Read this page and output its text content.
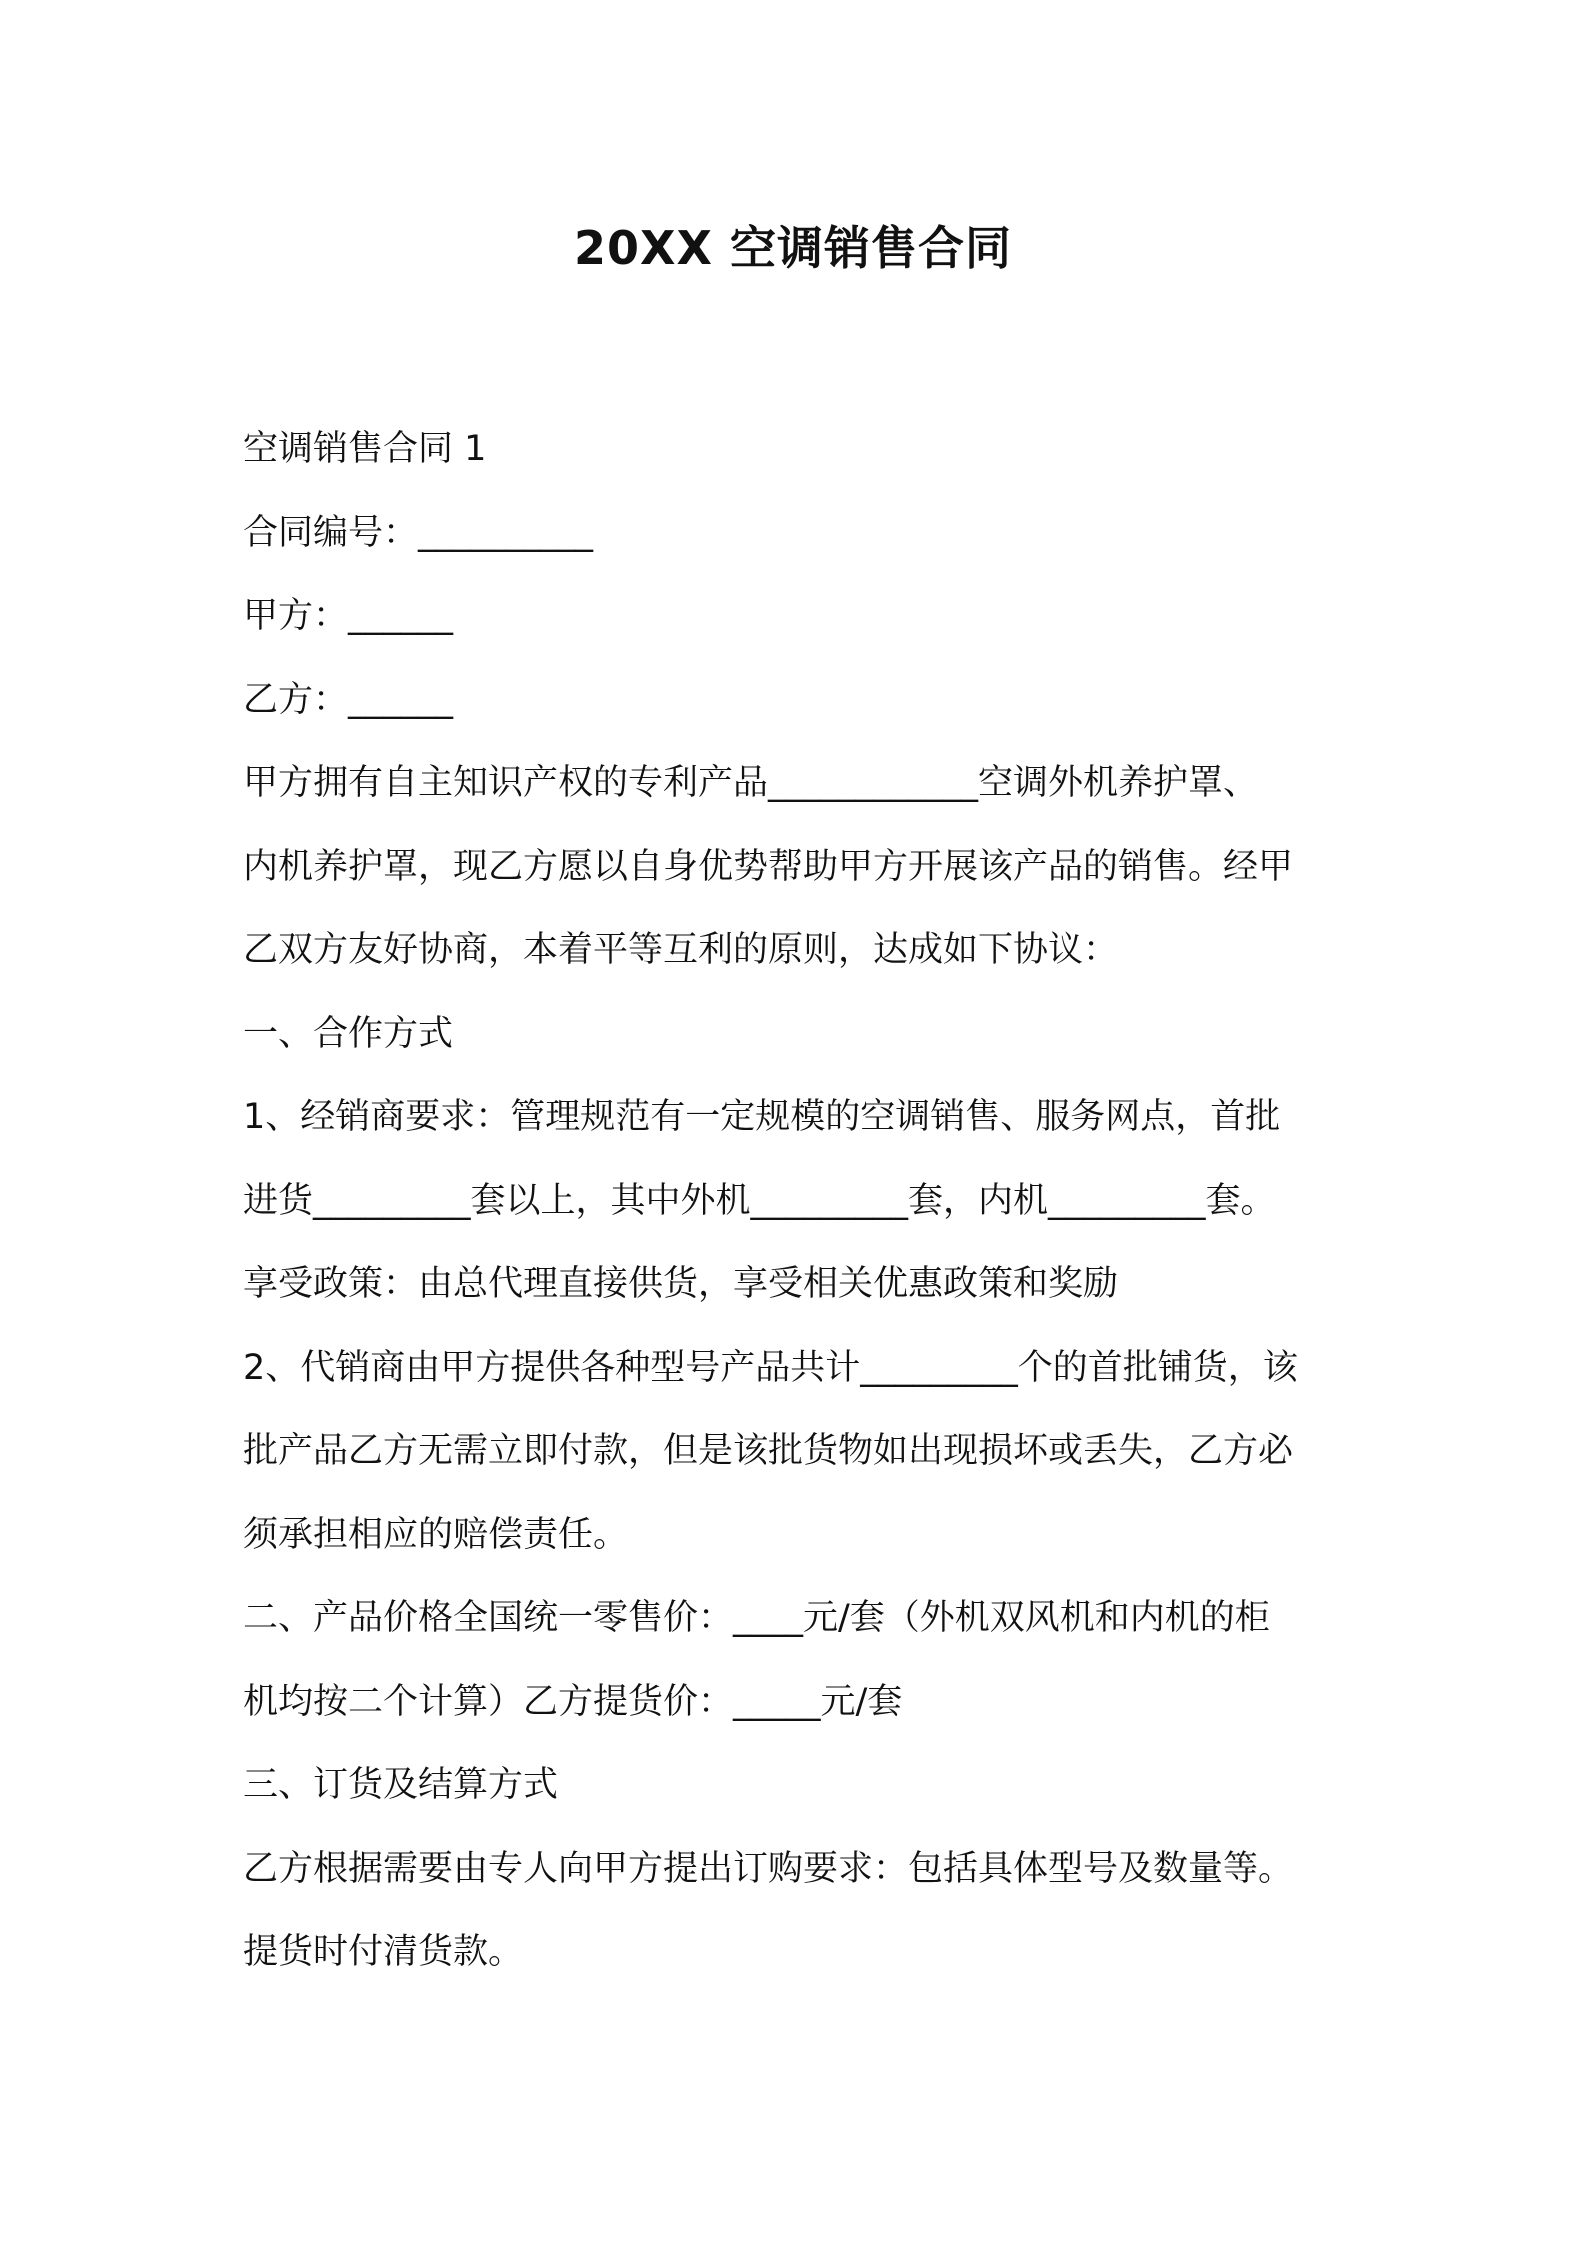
20XX 空调销售合同

空调销售合同 1

合同编号：__________

甲方：______

乙方：______

甲方拥有自主知识产权的专利产品____________空调外机养护罩、

内机养护罩，现乙方愿以自身优势帮助甲方开展该产品的销售。经甲

乙双方友好协商，本着平等互利的原则，达成如下协议：

一、合作方式

1、经销商要求：管理规范有一定规模的空调销售、服务网点，首批

进货_________套以上，其中外机_________套，内机_________套。

享受政策：由总代理直接供货，享受相关优惠政策和奖励

2、代销商由甲方提供各种型号产品共计_________个的首批铺货，该

批产品乙方无需立即付款，但是该批货物如出现损坏或丢失，乙方必

须承担相应的赔偿责任。

二、产品价格全国统一零售价：____元/套（外机双风机和内机的柜

机均按二个计算）乙方提货价：_____元/套

三、订货及结算方式

乙方根据需要由专人向甲方提出订购要求：包括具体型号及数量等。

提货时付清货款。
